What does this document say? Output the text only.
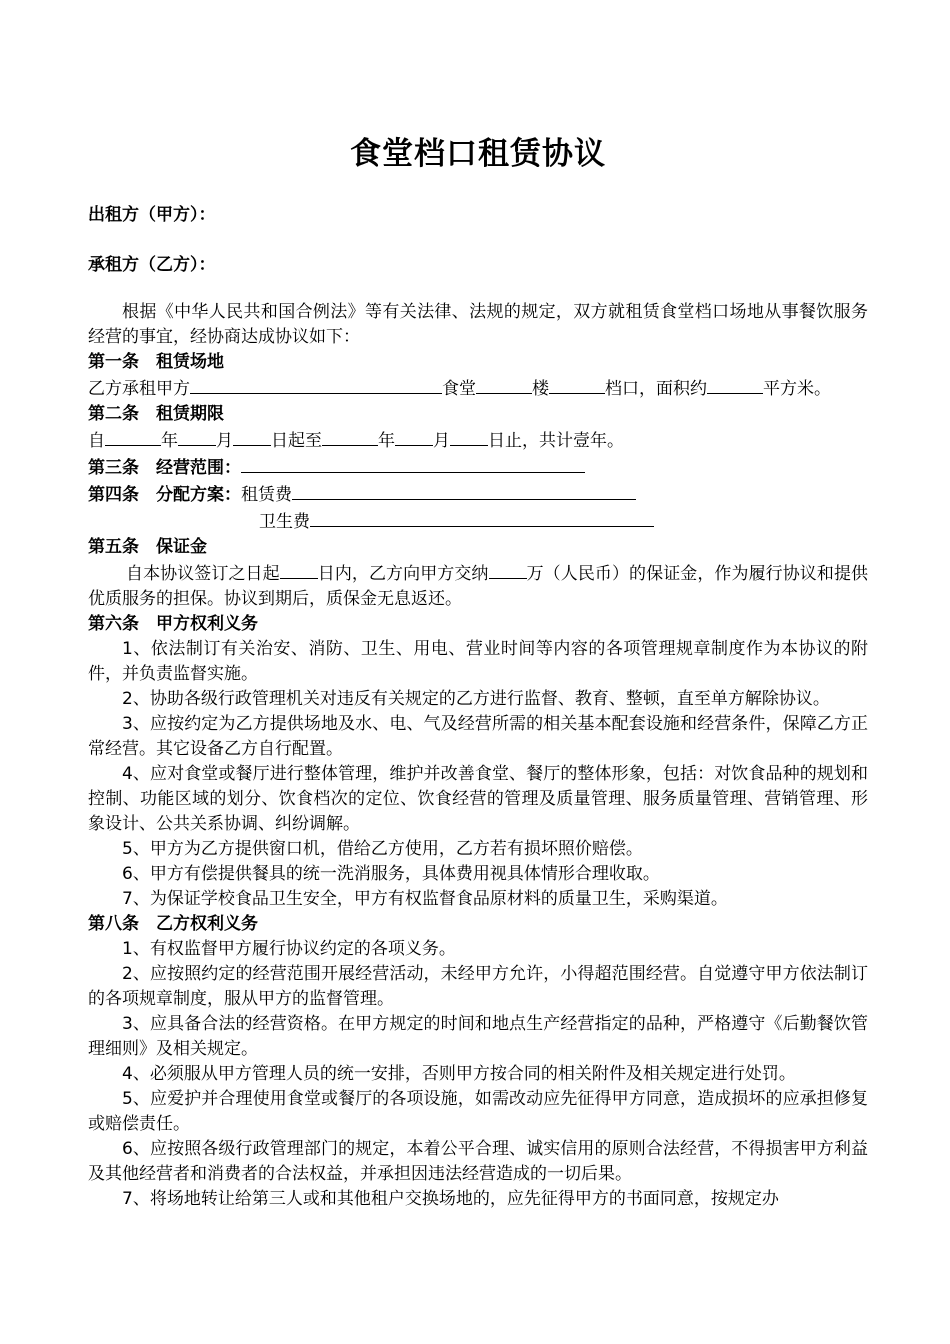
食堂档口租赁协议
出租方（甲方）：
承租方（乙方）：

根据《中华人民共和国合例法》等有关法律、法规的规定，双方就租赁食堂档口场地从事餐饮服务经营的事宜，经协商达成协议如下：

第一条　租赁场地

乙方承租甲方	食堂	楼	档口，面积约	平方米。

第二条　租赁期限

自	年 月 日起至	年 月 日止，共计壹年。

第三条　经营范围：

第四条　分配方案：租赁费

卫生费

第五条　保证金

自本协议签订之日起 日内，乙方向甲方交纳 万（人民币）的保证金，作为履行协议和提供优质服务的担保。协议到期后，质保金无息返还。

第六条　甲方权利义务

1、依法制订有关治安、消防、卫生、用电、营业时间等内容的各项管理规章制度作为本协议的附件，并负责监督实施。

2、协助各级行政管理机关对违反有关规定的乙方进行监督、教育、整顿，直至单方解除协议。

3、应按约定为乙方提供场地及水、电、气及经营所需的相关基本配套设施和经营条件，保障乙方正常经营。其它设备乙方自行配置。

4、应对食堂或餐厅进行整体管理，维护并改善食堂、餐厅的整体形象，包括：对饮食品种的规划和控制、功能区域的划分、饮食档次的定位、饮食经营的管理及质量管理、服务质量管理、营销管理、形象设计、公共关系协调、纠纷调解。

5、甲方为乙方提供窗口机，借给乙方使用，乙方若有损坏照价赔偿。

6、甲方有偿提供餐具的统一洗消服务，具体费用视具体情形合理收取。

7、为保证学校食品卫生安全，甲方有权监督食品原材料的质量卫生，采购渠道。

第八条　乙方权利义务

1、有权监督甲方履行协议约定的各项义务。

2、应按照约定的经营范围开展经营活动，未经甲方允许，小得超范围经营。自觉遵守甲方依法制订的各项规章制度，服从甲方的监督管理。

3、应具备合法的经营资格。在甲方规定的时间和地点生产经营指定的品种，严格遵守《后勤餐饮管理细则》及相关规定。

4、必须服从甲方管理人员的统一安排，否则甲方按合同的相关附件及相关规定进行处罚。

5、应爱护并合理使用食堂或餐厅的各项设施，如需改动应先征得甲方同意，造成损坏的应承担修复或赔偿责任。

6、应按照各级行政管理部门的规定，本着公平合理、诚实信用的原则合法经营，不得损害甲方利益及其他经营者和消费者的合法权益，并承担因违法经营造成的一切后果。

7、将场地转让给第三人或和其他租户交换场地的，应先征得甲方的书面同意，按规定办
